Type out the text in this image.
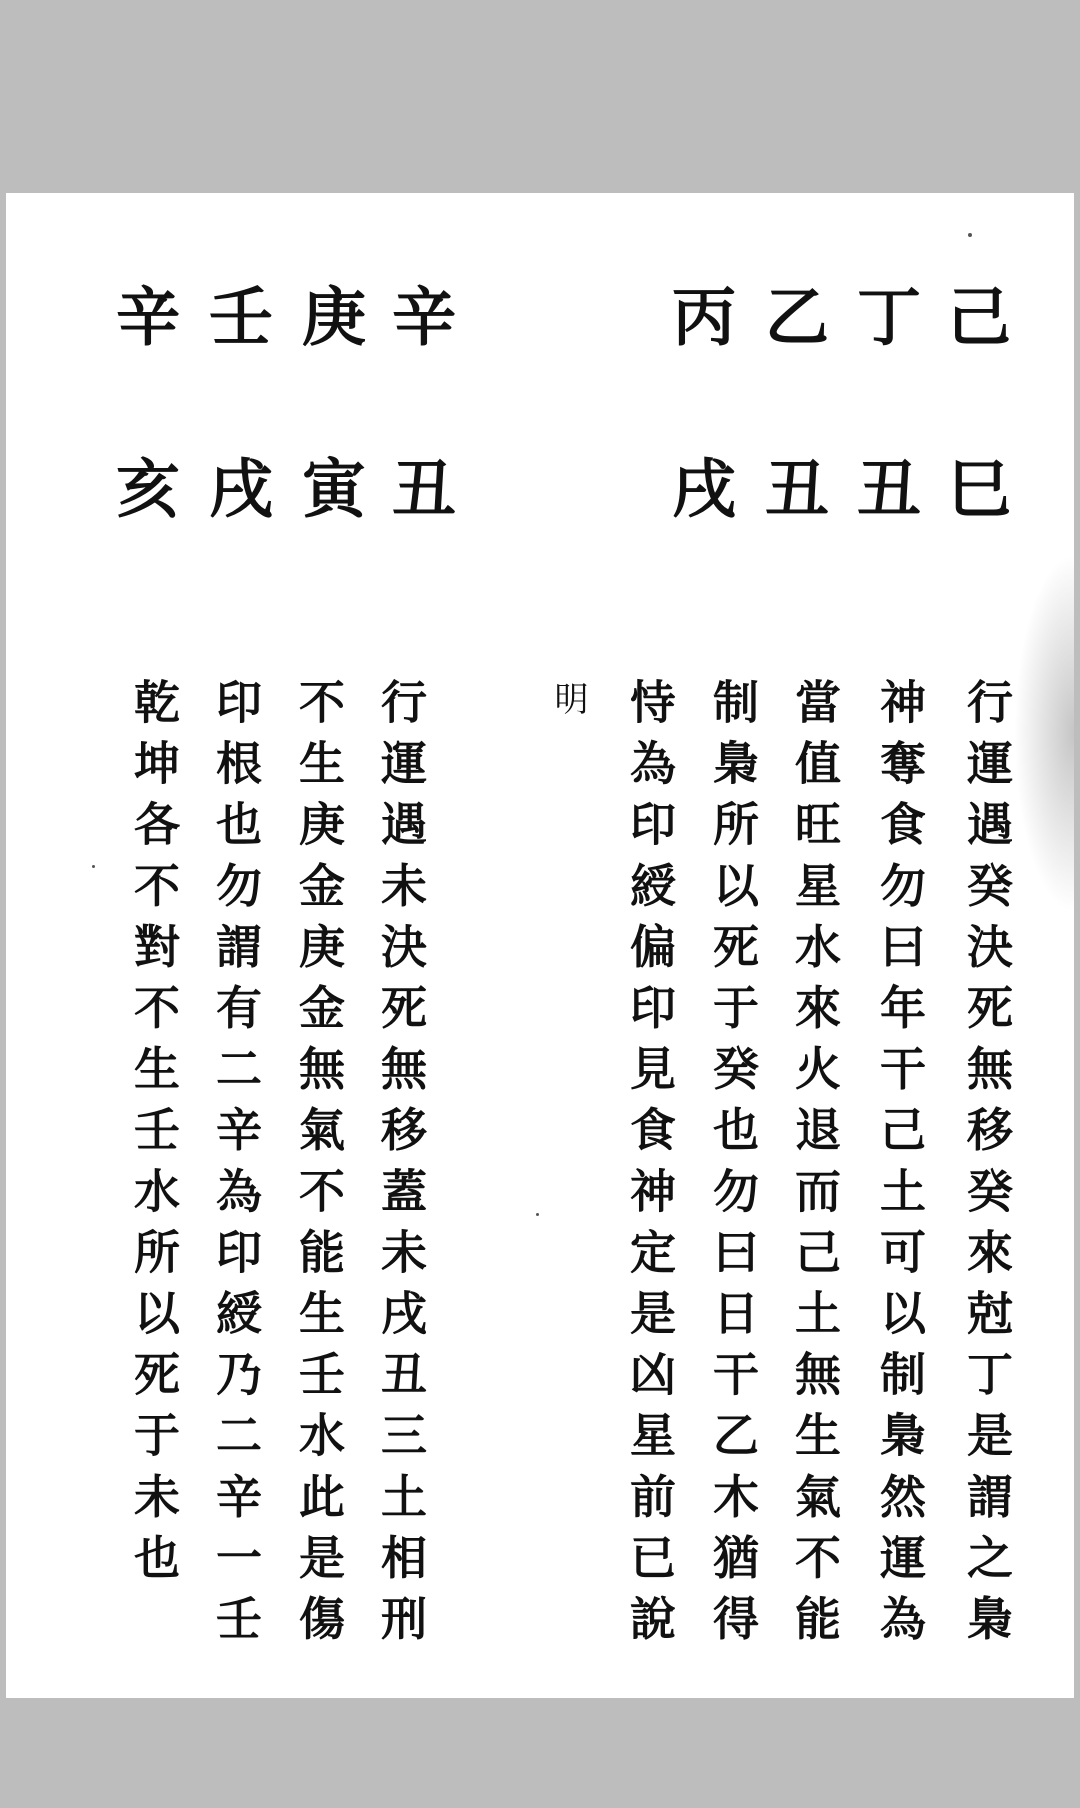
己巳
丁丑
乙丑
丙戌
辛丑
庚寅
壬戌
辛亥
行運遇癸決死無移癸來尅丁是謂之梟
神奪食勿曰年干己土可以制梟然運為
當值旺星水來火退而己土無生氣不能
制梟所以死于癸也勿曰日干乙木猶得
恃為印綬偏印見食神定是凶星前已說
明
行運遇未決死無移蓋未戌丑三土相刑
不生庚金庚金無氣不能生壬水此是傷
印根也勿謂有二辛為印綬乃二辛一壬
乾坤各不對不生壬水所以死于未也
